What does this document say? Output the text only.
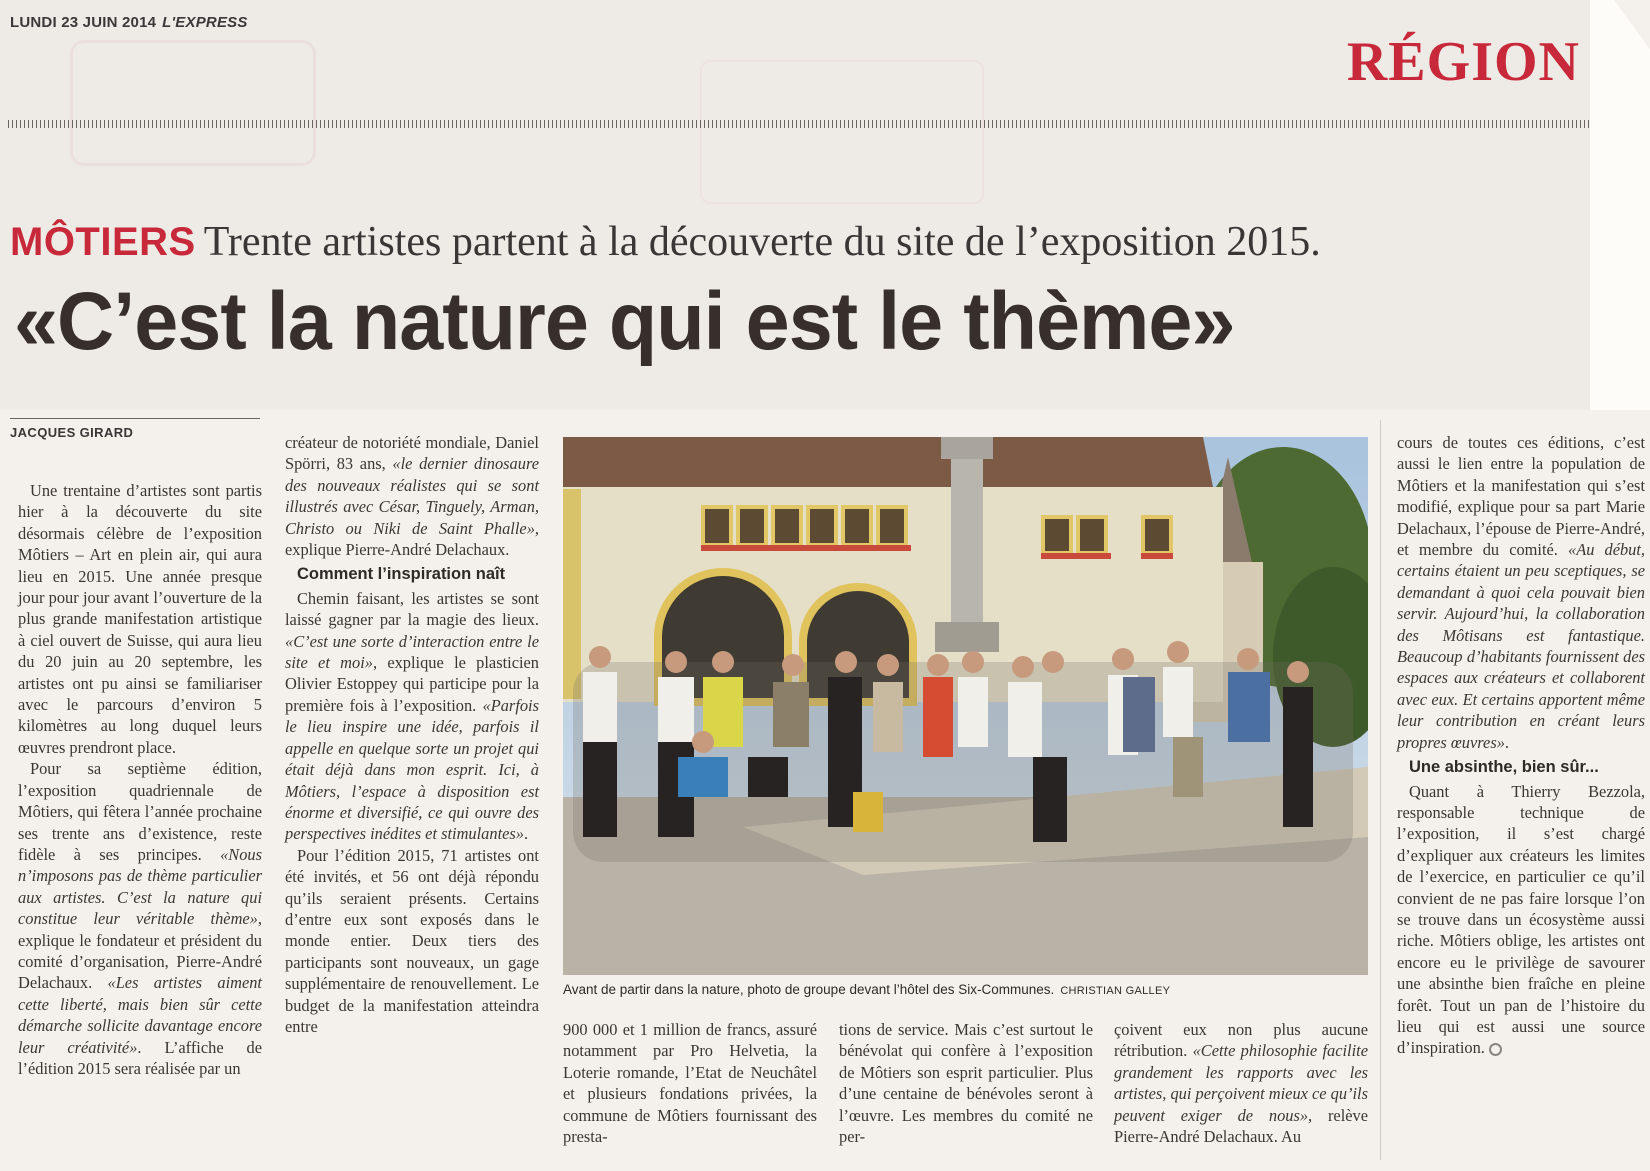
LUNDI 23 JUIN 2014 L'EXPRESS
RÉGION
MÔTIERS Trente artistes partent à la découverte du site de l’exposition 2015.
«C’est la nature qui est le thème»
JACQUES GIRARD

Une trentaine d’artistes sont partis hier à la découverte du site désormais célèbre de l’exposition Môtiers – Art en plein air, qui aura lieu en 2015. Une année presque jour pour jour avant l’ouverture de la plus grande manifestation artistique à ciel ouvert de Suisse, qui aura lieu du 20 juin au 20 septembre, les artistes ont pu ainsi se familiariser avec le parcours d’environ 5 kilomètres au long duquel leurs œuvres prendront place.

Pour sa septième édition, l’exposition quadriennale de Môtiers, qui fêtera l’année prochaine ses trente ans d’existence, reste fidèle à ses principes. «Nous n’imposons pas de thème particulier aux artistes. C’est la nature qui constitue leur véritable thème», explique le fondateur et président du comité d’organisation, Pierre-André Delachaux. «Les artistes aiment cette liberté, mais bien sûr cette démarche sollicite davantage encore leur créativité». L’affiche de l’édition 2015 sera réalisée par un

créateur de notoriété mondiale, Daniel Spörri, 83 ans, «le dernier dinosaure des nouveaux réalistes qui se sont illustrés avec César, Tinguely, Arman, Christo ou Niki de Saint Phalle», explique Pierre-André Delachaux.

Comment l’inspiration naît

Chemin faisant, les artistes se sont laissé gagner par la magie des lieux. «C’est une sorte d’interaction entre le site et moi», explique le plasticien Olivier Estoppey qui participe pour la première fois à l’exposition. «Parfois le lieu inspire une idée, parfois il appelle en quelque sorte un projet qui était déjà dans mon esprit. Ici, à Môtiers, l’espace à disposition est énorme et diversifié, ce qui ouvre des perspectives inédites et stimulantes».

Pour l’édition 2015, 71 artistes ont été invités, et 56 ont déjà répondu qu’ils seraient présents. Certains d’entre eux sont exposés dans le monde entier. Deux tiers des participants sont nouveaux, un gage supplémentaire de renouvellement. Le budget de la manifestation atteindra entre

Avant de partir dans la nature, photo de groupe devant l’hôtel des Six-Communes. CHRISTIAN GALLEY

900 000 et 1 million de francs, assuré notamment par Pro Helvetia, la Loterie romande, l’Etat de Neuchâtel et plusieurs fondations privées, la commune de Môtiers fournissant des presta-

tions de service. Mais c’est surtout le bénévolat qui confère à l’exposition de Môtiers son esprit particulier. Plus d’une centaine de bénévoles seront à l’œuvre. Les membres du comité ne per-

çoivent eux non plus aucune rétribution. «Cette philosophie facilite grandement les rapports avec les artistes, qui perçoivent mieux ce qu’ils peuvent exiger de nous», relève Pierre-André Delachaux. Au

cours de toutes ces éditions, c’est aussi le lien entre la population de Môtiers et la manifestation qui s’est modifié, explique pour sa part Marie Delachaux, l’épouse de Pierre-André, et membre du comité. «Au début, certains étaient un peu sceptiques, se demandant à quoi cela pouvait bien servir. Aujourd’hui, la collaboration des Môtisans est fantastique. Beaucoup d’habitants fournissent des espaces aux créateurs et collaborent avec eux. Et certains apportent même leur contribution en créant leurs propres œuvres».

Une absinthe, bien sûr...

Quant à Thierry Bezzola, responsable technique de l’exposition, il s’est chargé d’expliquer aux créateurs les limites de l’exercice, en particulier ce qu’il convient de ne pas faire lorsque l’on se trouve dans un écosystème aussi riche. Môtiers oblige, les artistes ont encore eu le privilège de savourer une absinthe bien fraîche en pleine forêt. Tout un pan de l’histoire du lieu qui est aussi une source d’inspiration.
